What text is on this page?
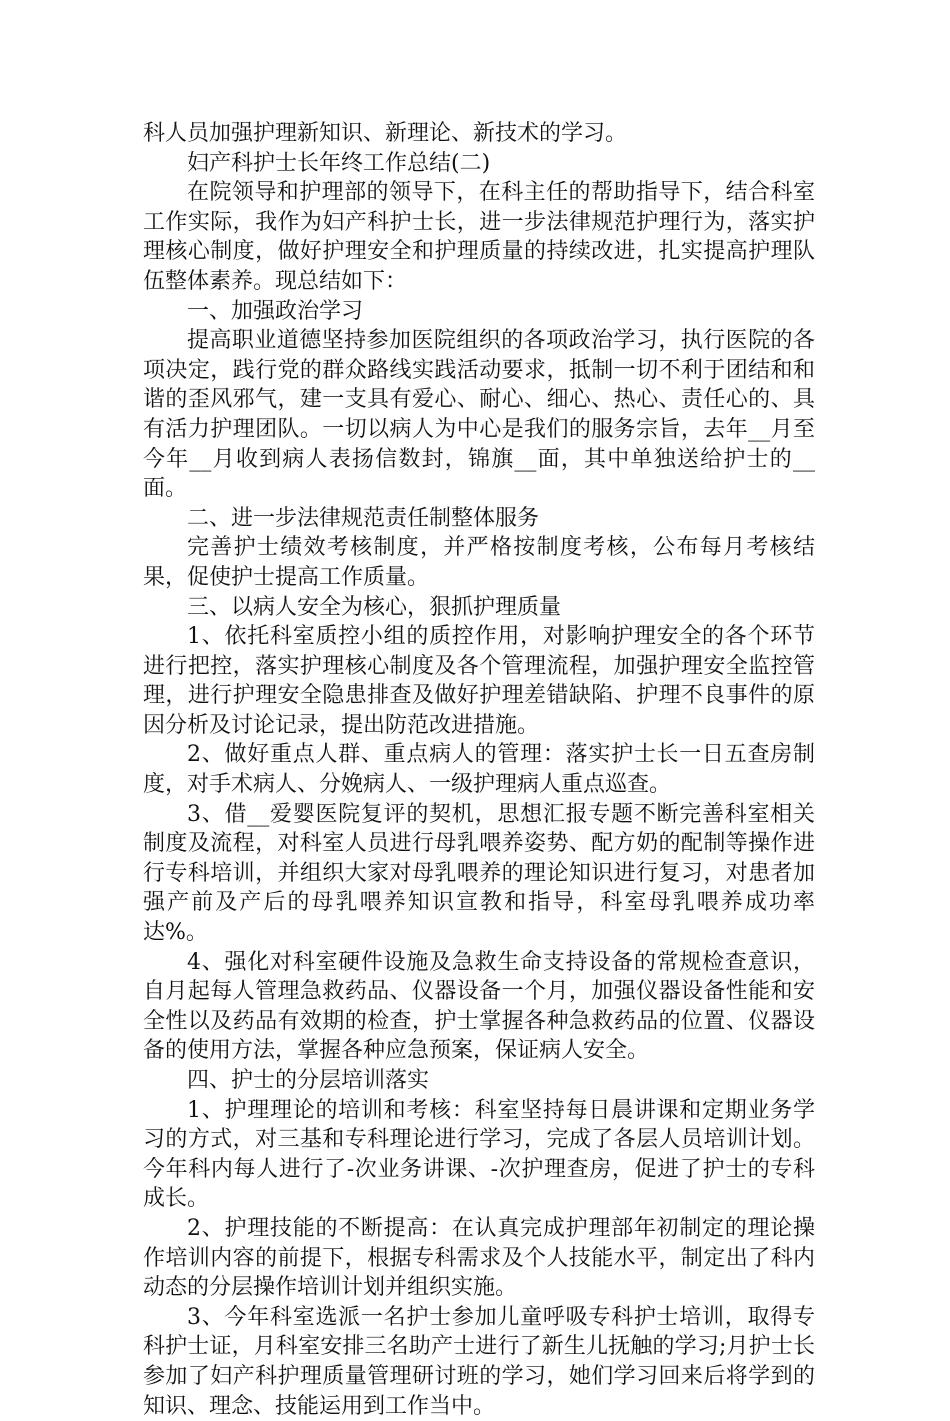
科人员加强护理新知识、新理论、新技术的学习。

妇产科护士长年终工作总结(二)

在院领导和护理部的领导下，在科主任的帮助指导下，结合科室工作实际，我作为妇产科护士长，进一步法律规范护理行为，落实护理核心制度，做好护理安全和护理质量的持续改进，扎实提高护理队伍整体素养。现总结如下：

一、加强政治学习

提高职业道德坚持参加医院组织的各项政治学习，执行医院的各项决定，践行党的群众路线实践活动要求，抵制一切不利于团结和和谐的歪风邪气，建一支具有爱心、耐心、细心、热心、责任心的、具有活力护理团队。一切以病人为中心是我们的服务宗旨，去年__月至今年__月收到病人表扬信数封，锦旗__面，其中单独送给护士的__面。

二、进一步法律规范责任制整体服务

完善护士绩效考核制度，并严格按制度考核，公布每月考核结果，促使护士提高工作质量。

三、以病人安全为核心，狠抓护理质量

1、依托科室质控小组的质控作用，对影响护理安全的各个环节进行把控，落实护理核心制度及各个管理流程，加强护理安全监控管理，进行护理安全隐患排查及做好护理差错缺陷、护理不良事件的原因分析及讨论记录，提出防范改进措施。

2、做好重点人群、重点病人的管理：落实护士长一日五查房制度，对手术病人、分娩病人、一级护理病人重点巡查。

3、借__爱婴医院复评的契机，思想汇报专题不断完善科室相关制度及流程，对科室人员进行母乳喂养姿势、配方奶的配制等操作进行专科培训，并组织大家对母乳喂养的理论知识进行复习，对患者加强产前及产后的母乳喂养知识宣教和指导，科室母乳喂养成功率达%。

4、强化对科室硬件设施及急救生命支持设备的常规检查意识，自月起每人管理急救药品、仪器设备一个月，加强仪器设备性能和安全性以及药品有效期的检查，护士掌握各种急救药品的位置、仪器设备的使用方法，掌握各种应急预案，保证病人安全。

四、护士的分层培训落实

1、护理理论的培训和考核：科室坚持每日晨讲课和定期业务学习的方式，对三基和专科理论进行学习，完成了各层人员培训计划。今年科内每人进行了-次业务讲课、-次护理查房，促进了护士的专科成长。

2、护理技能的不断提高：在认真完成护理部年初制定的理论操作培训内容的前提下，根据专科需求及个人技能水平，制定出了科内动态的分层操作培训计划并组织实施。

3、今年科室选派一名护士参加儿童呼吸专科护士培训，取得专科护士证，月科室安排三名助产士进行了新生儿抚触的学习;月护士长参加了妇产科护理质量管理研讨班的学习，她们学习回来后将学到的知识、理念、技能运用到工作当中。
